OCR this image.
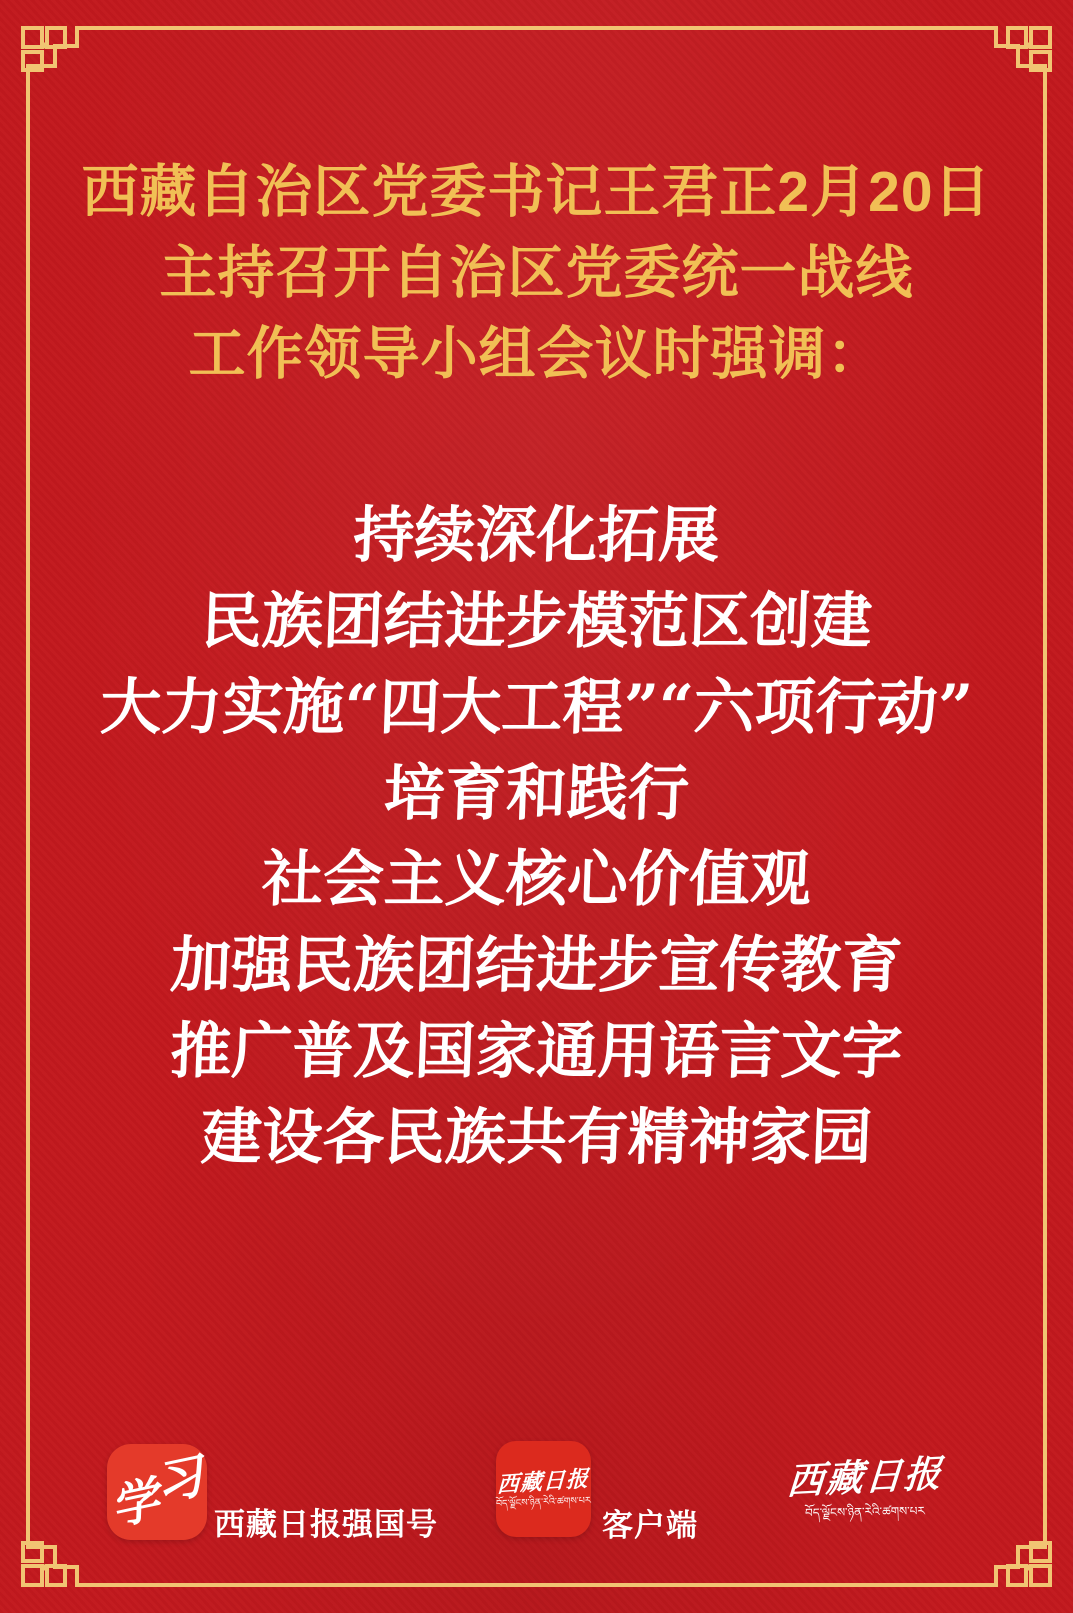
西藏自治区党委书记王君正2月20日
主持召开自治区党委统一战线
工作领导小组会议时强调：
持续深化拓展
民族团结进步模范区创建
大力实施“四大工程”“六项行动”
培育和践行
社会主义核心价值观
加强民族团结进步宣传教育
推广普及国家通用语言文字
建设各民族共有精神家园
学
习
西藏日报强国号
西藏日报
བོད་ལྗོངས་ཉིན་རེའི་ཚགས་པར
客户端
西藏日报
བོད་ལྗོངས་ཉིན་རེའི་ཚགས་པར
